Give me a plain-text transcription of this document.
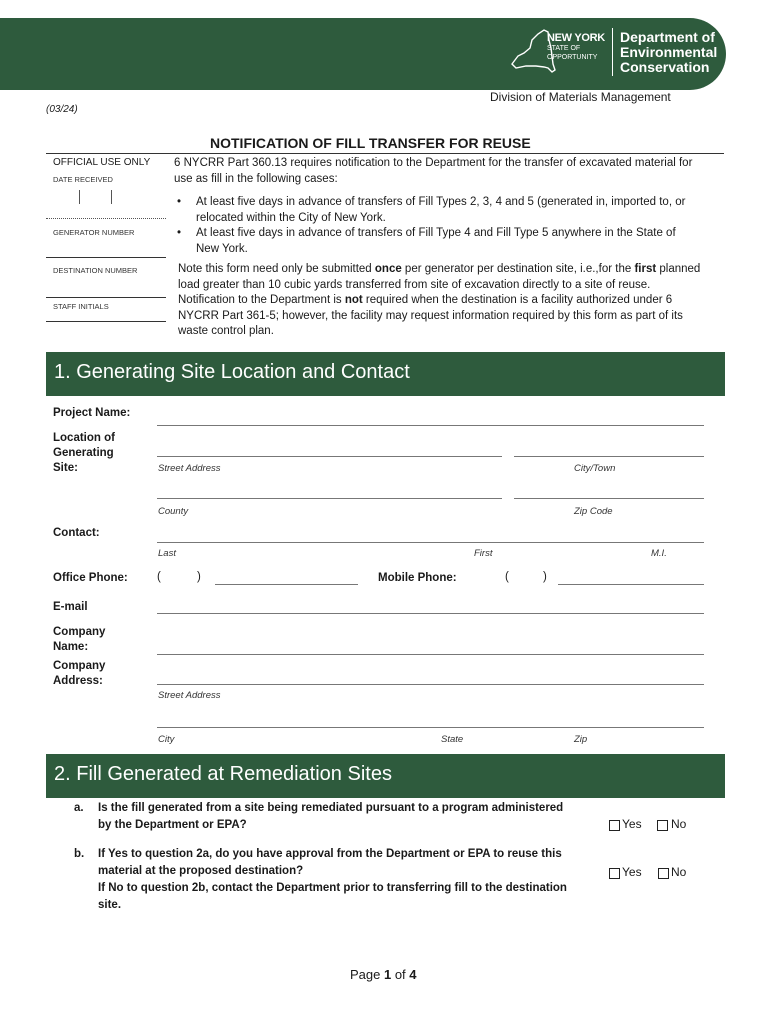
NEW YORK
STATE OF
OPPORTUNITY
Department of
Environmental
Conservation
Division of Materials Management
(03/24)
NOTIFICATION OF FILL TRANSFER FOR REUSE
OFFICIAL USE ONLY
DATE RECEIVED
GENERATOR NUMBER
DESTINATION NUMBER
STAFF INITIALS
6 NYCRR Part 360.13 requires notification to the Department for the transfer of excavated material for use as fill in the following cases:
• At least five days in advance of transfers of Fill Types 2, 3, 4 and 5 (generated in, imported to, or relocated within the City of New York.
• At least five days in advance of transfers of Fill Type 4 and Fill Type 5 anywhere in the State of New York.
Note this form need only be submitted once per generator per destination site, i.e.,for the first planned load greater than 10 cubic yards transferred from site of excavation directly to a site of reuse. Notification to the Department is not required when the destination is a facility authorized under 6 NYCRR Part 361-5; however, the facility may request information required by this form as part of its waste control plan.
1. Generating Site Location and Contact
Project Name:
Location of Generating Site:	Street Address	City/Town
County	Zip Code
Contact:
Last	First	M.I.
Office Phone:	(	)	Mobile Phone:	(	)
E-mail
Company Name:
Company Address:
Street Address
City	State	Zip
2. Fill Generated at Remediation Sites
a. Is the fill generated from a site being remediated pursuant to a program administered by the Department or EPA?	Yes No
b. If Yes to question 2a, do you have approval from the Department or EPA to reuse this material at the proposed destination?
If No to question 2b, contact the Department prior to transferring fill to the destination site.
Yes No
Page 1 of 4
